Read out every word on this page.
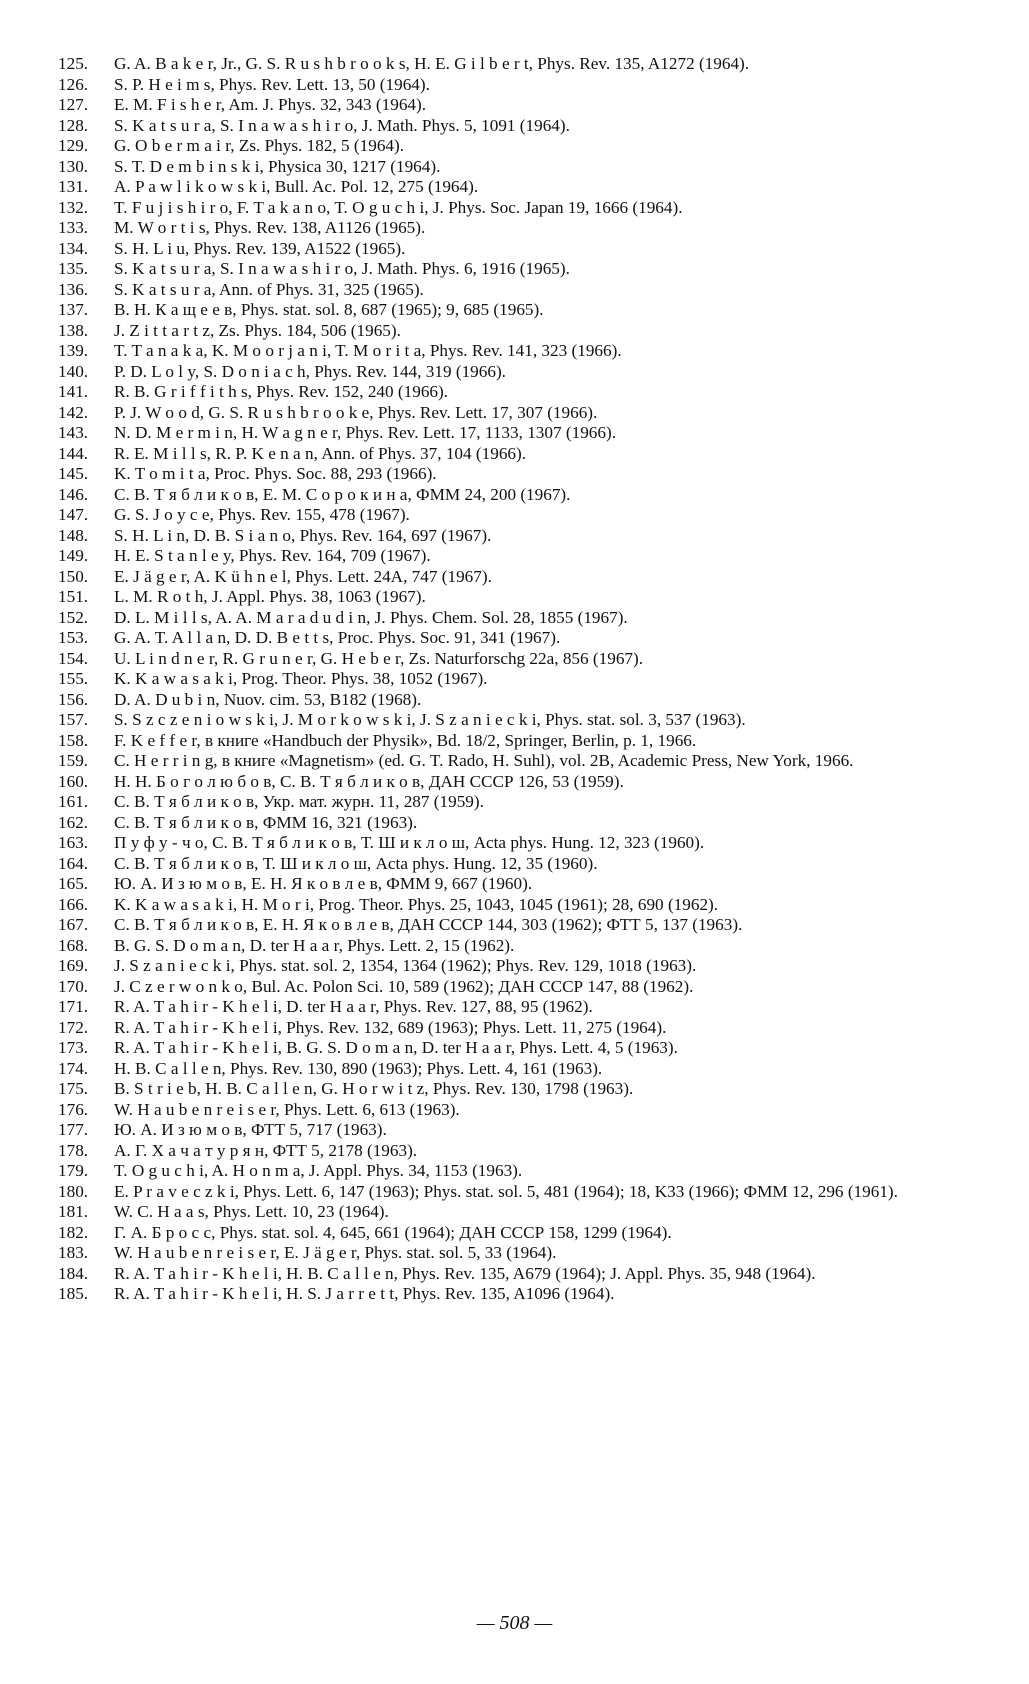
125.	G. A. B a k e r, Jr., G. S. R u s h b r o o k s, H. E. G i l b e r t, Phys. Rev. 135, A1272 (1964).
126.	S. P. H e i m s, Phys. Rev. Lett. 13, 50 (1964).
127.	E. M. F i s h e r, Am. J. Phys. 32, 343 (1964).
128.	S. K a t s u r a, S. I n a w a s h i r o, J. Math. Phys. 5, 1091 (1964).
129.	G. O b e r m a i r, Zs. Phys. 182, 5 (1964).
130.	S. T. D e m b i n s k i, Physica 30, 1217 (1964).
131.	A. P a w l i k o w s k i, Bull. Ac. Pol. 12, 275 (1964).
132.	T. F u j i s h i r o, F. T a k a n o, T. O g u c h i, J. Phys. Soc. Japan 19, 1666 (1964).
133.	M. W o r t i s, Phys. Rev. 138, A1126 (1965).
134.	S. H. L i u, Phys. Rev. 139, A1522 (1965).
135.	S. K a t s u r a, S. I n a w a s h i r o, J. Math. Phys. 6, 1916 (1965).
136.	S. K a t s u r a, Ann. of Phys. 31, 325 (1965).
137.	В. Н. К а щ е е в, Phys. stat. sol. 8, 687 (1965); 9, 685 (1965).
138.	J. Z i t t a r t z, Zs. Phys. 184, 506 (1965).
139.	T. T a n a k a, K. M o o r j a n i, T. M o r i t a, Phys. Rev. 141, 323 (1966).
140.	P. D. L o l y, S. D o n i a c h, Phys. Rev. 144, 319 (1966).
141.	R. B. G r i f f i t h s, Phys. Rev. 152, 240 (1966).
142.	P. J. W o o d, G. S. R u s h b r o o k e, Phys. Rev. Lett. 17, 307 (1966).
143.	N. D. M e r m i n, H. W a g n e r, Phys. Rev. Lett. 17, 1133, 1307 (1966).
144.	R. E. M i l l s, R. P. K e n a n, Ann. of Phys. 37, 104 (1966).
145.	K. T o m i t a, Proc. Phys. Soc. 88, 293 (1966).
146.	С. В. Т я б л и к о в, Е. М. С о р о к и н а, ФММ 24, 200 (1967).
147.	G. S. J o y c e, Phys. Rev. 155, 478 (1967).
148.	S. H. L i n, D. B. S i a n o, Phys. Rev. 164, 697 (1967).
149.	H. E. S t a n l e y, Phys. Rev. 164, 709 (1967).
150.	E. J ä g e r, A. K ü h n e l, Phys. Lett. 24A, 747 (1967).
151.	L. M. R o t h, J. Appl. Phys. 38, 1063 (1967).
152.	D. L. M i l l s, A. A. M a r a d u d i n, J. Phys. Chem. Sol. 28, 1855 (1967).
153.	G. A. T. A l l a n, D. D. B e t t s, Proc. Phys. Soc. 91, 341 (1967).
154.	U. L i n d n e r, R. G r u n e r, G. H e b e r, Zs. Naturforschg 22a, 856 (1967).
155.	K. K a w a s a k i, Prog. Theor. Phys. 38, 1052 (1967).
156.	D. A. D u b i n, Nuov. cim. 53, B182 (1968).
157.	S. S z c z e n i o w s k i, J. M o r k o w s k i, J. S z a n i e c k i, Phys. stat. sol. 3, 537 (1963).
158.	F. K e f f e r, в книге «Handbuch der Physik», Bd. 18/2, Springer, Berlin, p. 1, 1966.
159.	C. H e r r i n g, в книге «Magnetism» (ed. G. T. Rado, H. Suhl), vol. 2B, Academic Press, New York, 1966.
160.	Н. Н. Б о г о л ю б о в, С. В. Т я б л и к о в, ДАН СССР 126, 53 (1959).
161.	С. В. Т я б л и к о в, Укр. мат. журн. 11, 287 (1959).
162.	С. В. Т я б л и к о в, ФММ 16, 321 (1963).
163.	П у ф у - ч о, С. В. Т я б л и к о в, Т. Ш и к л о ш, Acta phys. Hung. 12, 323 (1960).
164.	С. В. Т я б л и к о в, Т. Ш и к л о ш, Acta phys. Hung. 12, 35 (1960).
165.	Ю. А. И з ю м о в, Е. Н. Я к о в л е в, ФММ 9, 667 (1960).
166.	K. K a w a s a k i, H. M o r i, Prog. Theor. Phys. 25, 1043, 1045 (1961); 28, 690 (1962).
167.	С. В. Т я б л и к о в, Е. Н. Я к о в л е в, ДАН СССР 144, 303 (1962); ФТТ 5, 137 (1963).
168.	B. G. S. D o m a n, D. ter H a a r, Phys. Lett. 2, 15 (1962).
169.	J. S z a n i e c k i, Phys. stat. sol. 2, 1354, 1364 (1962); Phys. Rev. 129, 1018 (1963).
170.	J. C z e r w o n k o, Bul. Ac. Polon Sci. 10, 589 (1962); ДАН СССР 147, 88 (1962).
171.	R. A. T a h i r - K h e l i, D. ter H a a r, Phys. Rev. 127, 88, 95 (1962).
172.	R. A. T a h i r - K h e l i, Phys. Rev. 132, 689 (1963); Phys. Lett. 11, 275 (1964).
173.	R. A. T a h i r - K h e l i, B. G. S. D o m a n, D. ter H a a r, Phys. Lett. 4, 5 (1963).
174.	H. B. C a l l e n, Phys. Rev. 130, 890 (1963); Phys. Lett. 4, 161 (1963).
175.	B. S t r i e b, H. B. C a l l e n, G. H o r w i t z, Phys. Rev. 130, 1798 (1963).
176.	W. H a u b e n r e i s e r, Phys. Lett. 6, 613 (1963).
177.	Ю. А. И з ю м о в, ФТТ 5, 717 (1963).
178.	А. Г. Х а ч а т у р я н, ФТТ 5, 2178 (1963).
179.	T. O g u c h i, A. H o n m a, J. Appl. Phys. 34, 1153 (1963).
180.	E. P r a v e c z k i, Phys. Lett. 6, 147 (1963); Phys. stat. sol. 5, 481 (1964); 18, K33 (1966); ФММ 12, 296 (1961).
181.	W. C. H a a s, Phys. Lett. 10, 23 (1964).
182.	Г. А. Б р о с с, Phys. stat. sol. 4, 645, 661 (1964); ДАН СССР 158, 1299 (1964).
183.	W. H a u b e n r e i s e r, E. J ä g e r, Phys. stat. sol. 5, 33 (1964).
184.	R. A. T a h i r - K h e l i, H. B. C a l l e n, Phys. Rev. 135, A679 (1964); J. Appl. Phys. 35, 948 (1964).
185.	R. A. T a h i r - K h e l i, H. S. J a r r e t t, Phys. Rev. 135, A1096 (1964).
— 508 —
